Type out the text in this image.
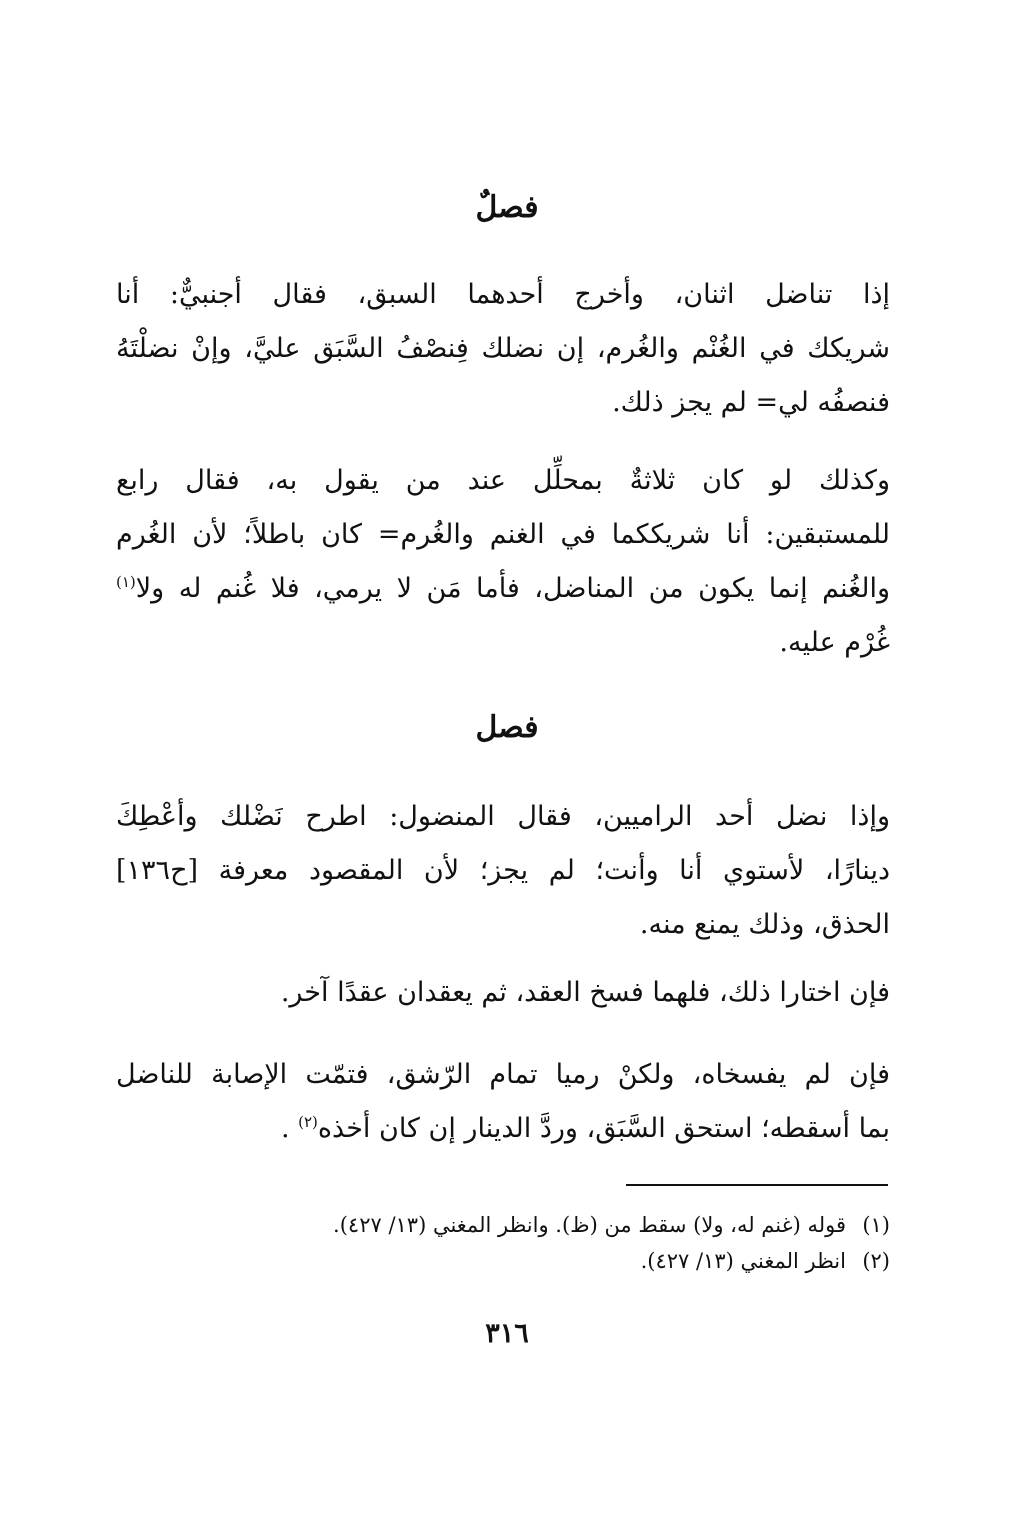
فصلٌ
إذا تناضل اثنان، وأخرج أحدهما السبق، فقال أجنبيٌّ: أنا
شريكك في الغُنْم والغُرم، إن نضلك فِنصْفُ السَّبَق عليَّ، وإنْ نضلْتَهُ
فنصفُه لي= لم يجز ذلك.
وكذلك لو كان ثلاثةٌ بمحلِّل عند من يقول به، فقال رابع
للمستبقين: أنا شريككما في الغنم والغُرم= كان باطلاً؛ لأن الغُرم
والغُنم إنما يكون من المناضل، فأما مَن لا يرمي، فلا غُنم له ولا$^{(١)}$
غُرْم عليه.
فصل
وإذا نضل أحد الراميين، فقال المنضول: اطرح نَضْلك وأعْطِكَ
دينارًا، لأستوي أنا وأنت؛ لم يجز؛ لأن المقصود معرفة [ح١٣٦]
الحذق، وذلك يمنع منه.
فإن اختارا ذلك، فلهما فسخ العقد، ثم يعقدان عقدًا آخر.
فإن لم يفسخاه، ولكنْ رميا تمام الرّشق، فتمّت الإصابة للناضل
بما أسقطه؛ استحق السَّبَق، وردَّ الدينار إن كان أخذه$^{(٢)}$ .
(١)قوله (غنم له، ولا) سقط من (ظ). وانظر المغني (١٣/ ٤٢٧).
(٢)انظر المغني (١٣/ ٤٢٧).
٣١٦
